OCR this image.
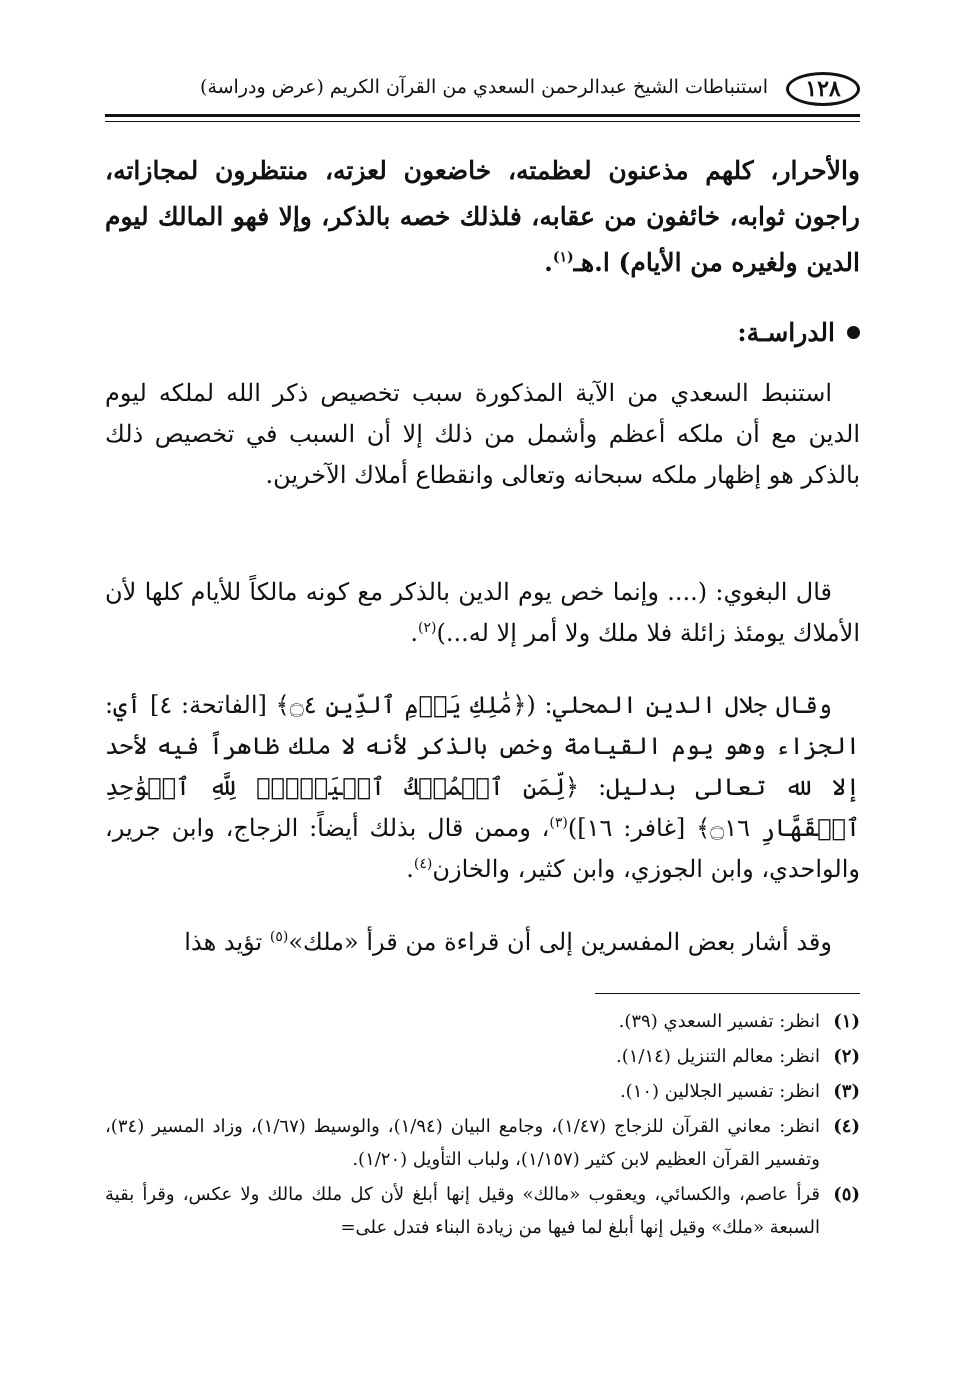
١٢٨
استنباطات الشيخ عبدالرحمن السعدي من القرآن الكريم (عرض ودراسة)
والأحرار، كلهم مذعنون لعظمته، خاضعون لعزته، منتظرون لمجازاته، راجون ثوابه، خائفون من عقابه، فلذلك خصه بالذكر، وإلا فهو المالك ليوم الدين ولغيره من الأيام) ا.هـ$^{(١)}$.
الدراسـة:
استنبط السعدي من الآية المذكورة سبب تخصيص ذكر الله لملكه ليوم الدين مع أن ملكه أعظم وأشمل من ذلك إلا أن السبب في تخصيص ذلك بالذكر هو إظهار ملكه سبحانه وتعالى وانقطاع أملاك الآخرين.
قال البغوي: (.... وإنما خص يوم الدين بالذكر مع كونه مالكاً للأيام كلها لأن الأملاك يومئذ زائلة فلا ملك ولا أمر إلا له...)$^{(٢)}$.
وقال جلال الدين المحلي: (﴿مَٰلِكِ يَوۡمِ ٱلدِّينِ ۝٤﴾ [الفاتحة: ٤] أي: الجزاء وهو يوم القيامة وخص بالذكر لأنه لا ملك ظاهراً فيه لأحد إلا لله تعالى بدليل: ﴿لِّمَنِ ٱلۡمُلۡكُ ٱلۡيَوۡمَۖ لِلَّهِ ٱلۡوَٰحِدِ ٱلۡقَهَّارِ ۝١٦﴾ [غافر: ١٦])$^{(٣)}$، وممن قال بذلك أيضاً: الزجاج، وابن جرير، والواحدي، وابن الجوزي، وابن كثير، والخازن$^{(٤)}$.
وقد أشار بعض المفسرين إلى أن قراءة من قرأ «ملك»$^{(٥)}$ تؤيد هذا
(١)
انظر: تفسير السعدي (٣٩).
(٢)
انظر: معالم التنزيل (١/١٤).
(٣)
انظر: تفسير الجلالين (١٠).
(٤)
انظر: معاني القرآن للزجاج (١/٤٧)، وجامع البيان (١/٩٤)، والوسيط (١/٦٧)، وزاد المسير (٣٤)، وتفسير القرآن العظيم لابن كثير (١/١٥٧)، ولباب التأويل (١/٢٠).
(٥)
قرأ عاصم، والكسائي، ويعقوب «مالك» وقيل إنها أبلغ لأن كل ملك مالك ولا عكس، وقرأ بقية السبعة «ملك» وقيل إنها أبلغ لما فيها من زيادة البناء فتدل على=
